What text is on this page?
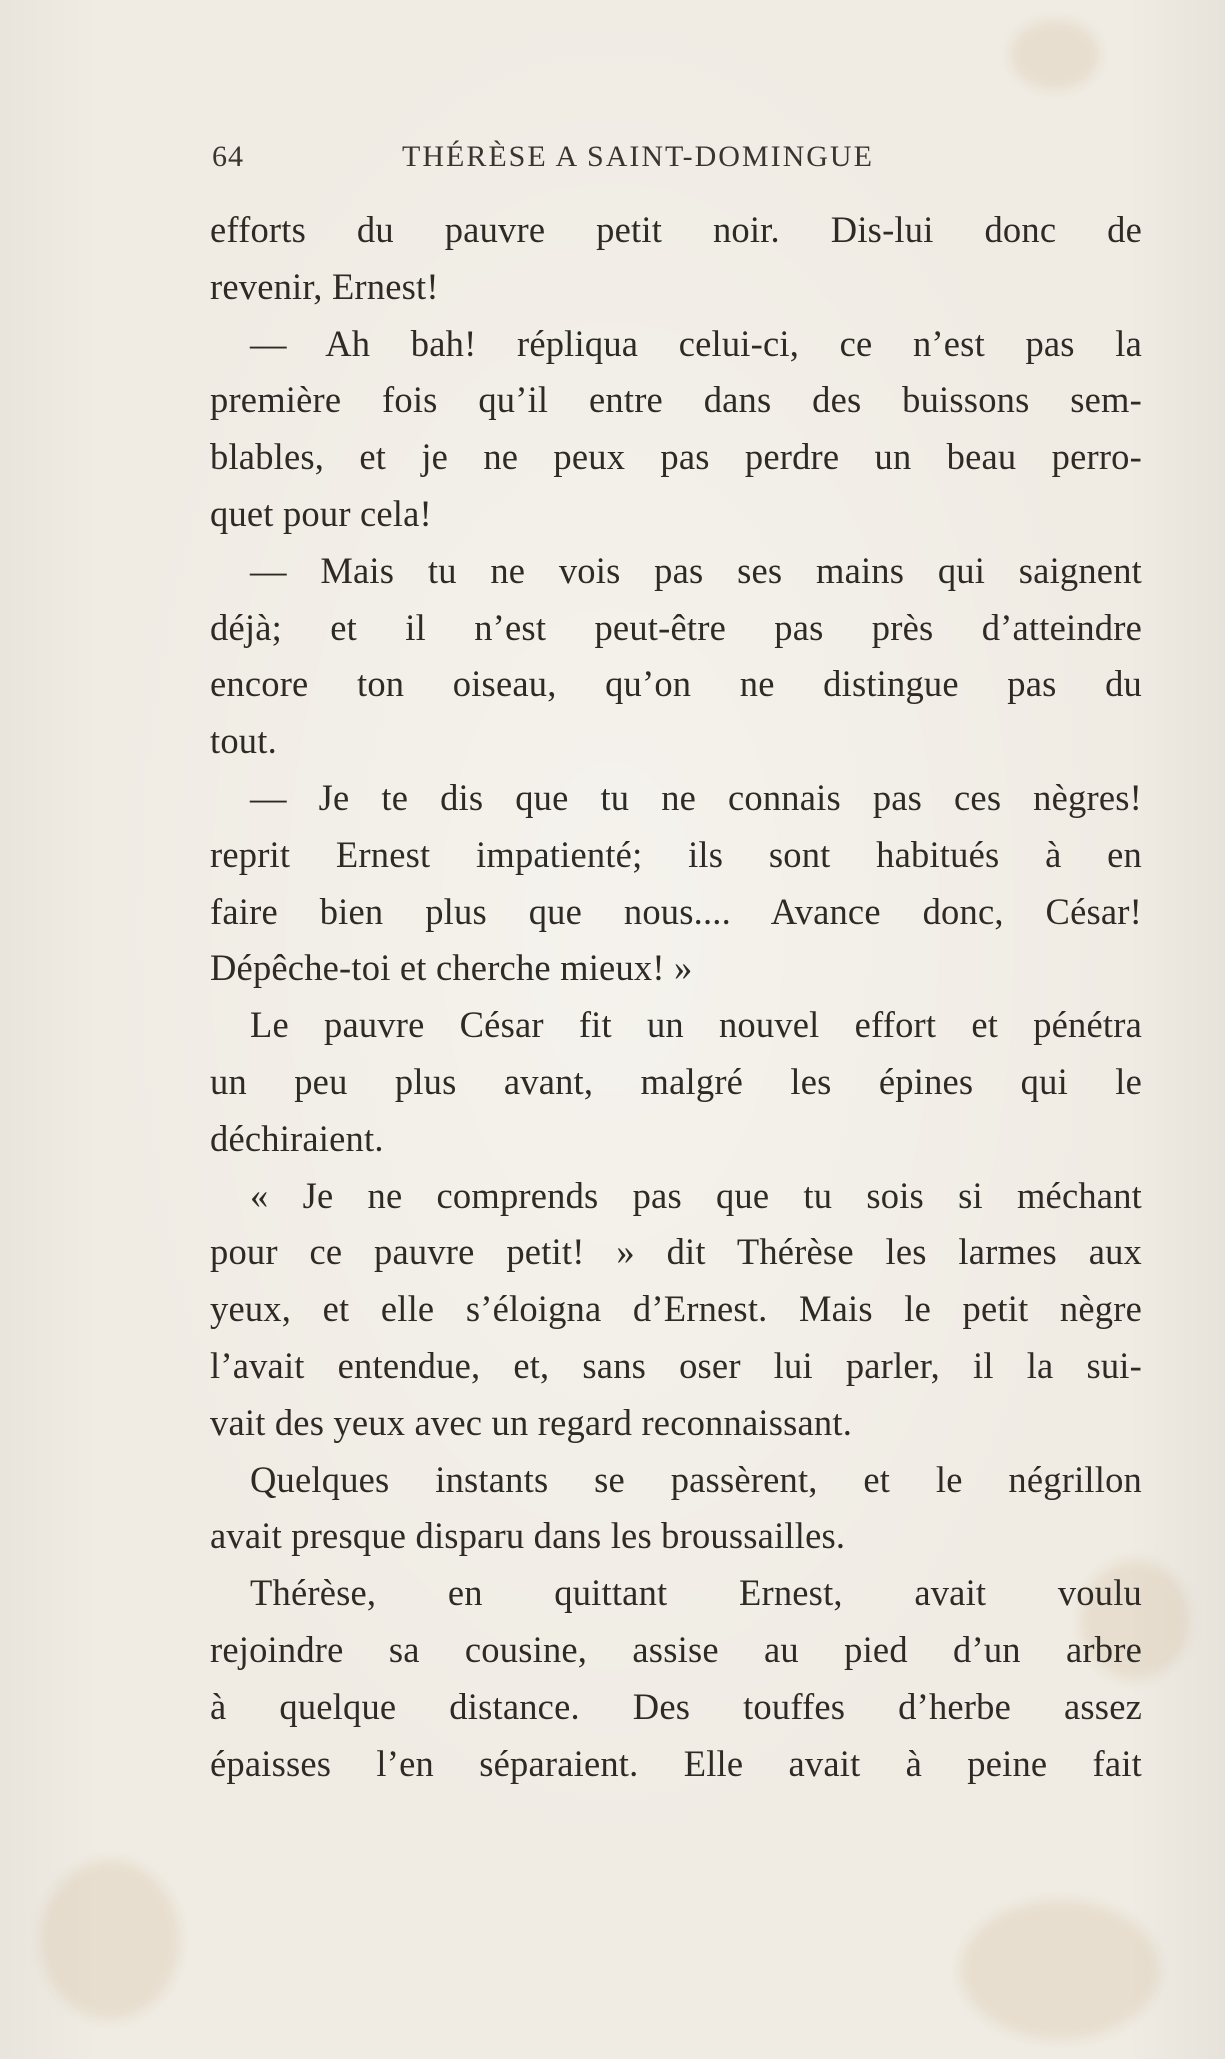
64	THÉRÈSE A SAINT-DOMINGUE
efforts du pauvre petit noir. Dis-lui donc de
revenir, Ernest!
— Ah bah! répliqua celui-ci, ce n’est pas la
première fois qu’il entre dans des buissons sem-
blables, et je ne peux pas perdre un beau perro-
quet pour cela!
— Mais tu ne vois pas ses mains qui saignent
déjà; et il n’est peut-être pas près d’atteindre
encore ton oiseau, qu’on ne distingue pas du
tout.
— Je te dis que tu ne connais pas ces nègres!
reprit Ernest impatienté; ils sont habitués à en
faire bien plus que nous.... Avance donc, César!
Dépêche-toi et cherche mieux! »
Le pauvre César fit un nouvel effort et pénétra
un peu plus avant, malgré les épines qui le
déchiraient.
« Je ne comprends pas que tu sois si méchant
pour ce pauvre petit! » dit Thérèse les larmes aux
yeux, et elle s’éloigna d’Ernest. Mais le petit nègre
l’avait entendue, et, sans oser lui parler, il la sui-
vait des yeux avec un regard reconnaissant.
Quelques instants se passèrent, et le négrillon
avait presque disparu dans les broussailles.
Thérèse, en quittant Ernest, avait voulu
rejoindre sa cousine, assise au pied d’un arbre
à quelque distance. Des touffes d’herbe assez
épaisses l’en séparaient. Elle avait à peine fait
